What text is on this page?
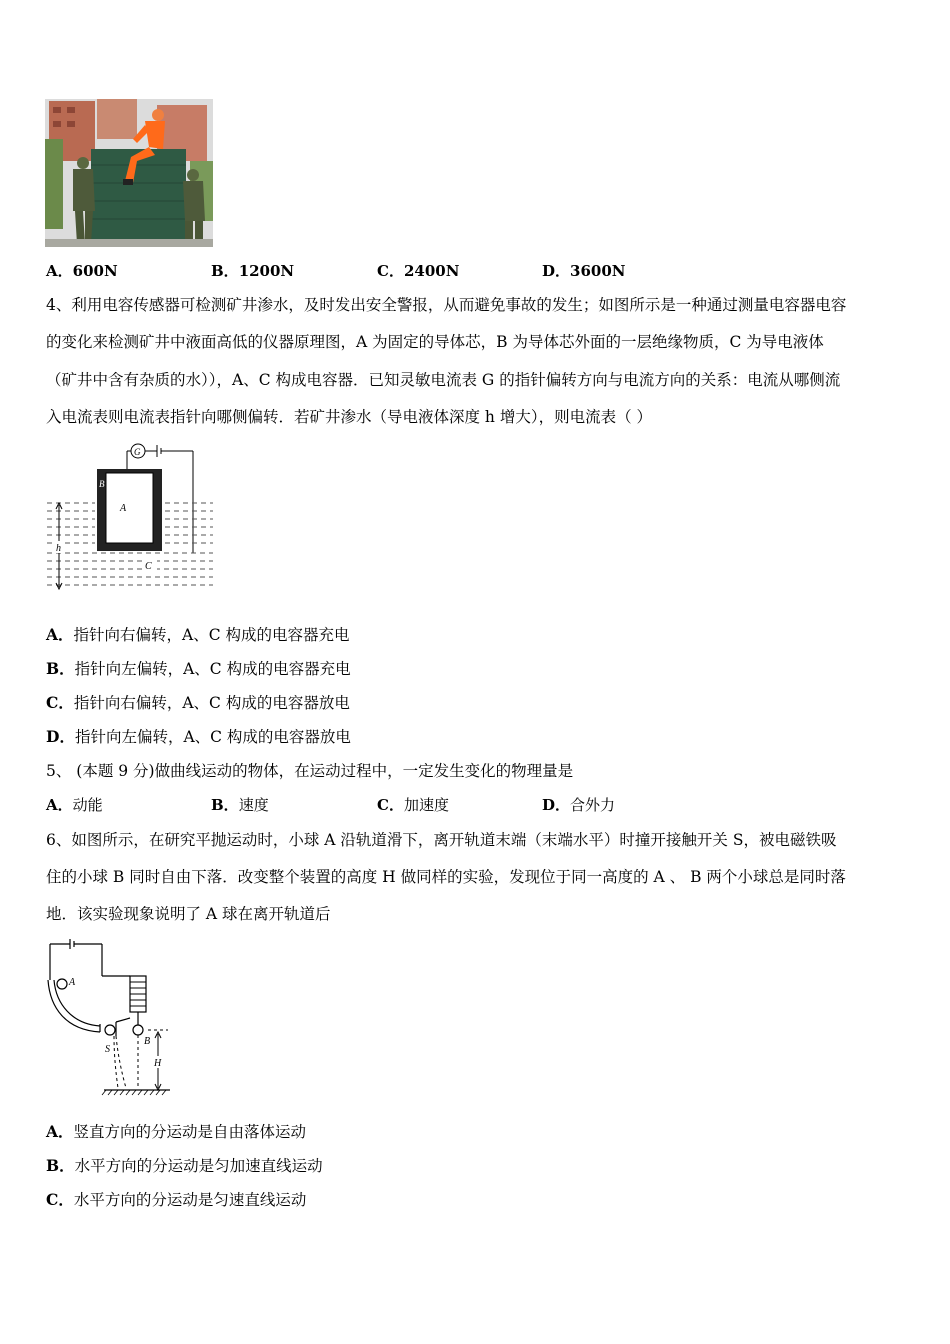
A．600N	B．1200N	C．2400N	D．3600N
4、利用电容传感器可检测矿井渗水，及时发出安全警报，从而避免事故的发生；如图所示是一种通过测量电容器电容
的变化来检测矿井中液面高低的仪器原理图，A 为固定的导体芯，B 为导体芯外面的一层绝缘物质，C 为导电液体
（矿井中含有杂质的水）），A、C 构成电容器．已知灵敏电流表 G 的指针偏转方向与电流方向的关系：电流从哪侧流
入电流表则电流表指针向哪侧偏转．若矿井渗水（导电液体深度 h 增大），则电流表（ ）
G
A
B
h
C
A．指针向右偏转，A、C 构成的电容器充电
B．指针向左偏转，A、C 构成的电容器充电
C．指针向右偏转，A、C 构成的电容器放电
D．指针向左偏转，A、C 构成的电容器放电
5、 (本题 9 分)做曲线运动的物体，在运动过程中，一定发生变化的物理量是
A．动能	B．速度	C．加速度	D．合外力
6、如图所示，在研究平抛运动时，小球 A 沿轨道滑下，离开轨道末端（末端水平）时撞开接触开关 S，被电磁铁吸
住的小球 B 同时自由下落．改变整个装置的高度 H 做同样的实验，发现位于同一高度的 A 、 B 两个小球总是同时落
地．该实验现象说明了 A 球在离开轨道后
A
S
B
H
A．竖直方向的分运动是自由落体运动
B．水平方向的分运动是匀加速直线运动
C．水平方向的分运动是匀速直线运动
